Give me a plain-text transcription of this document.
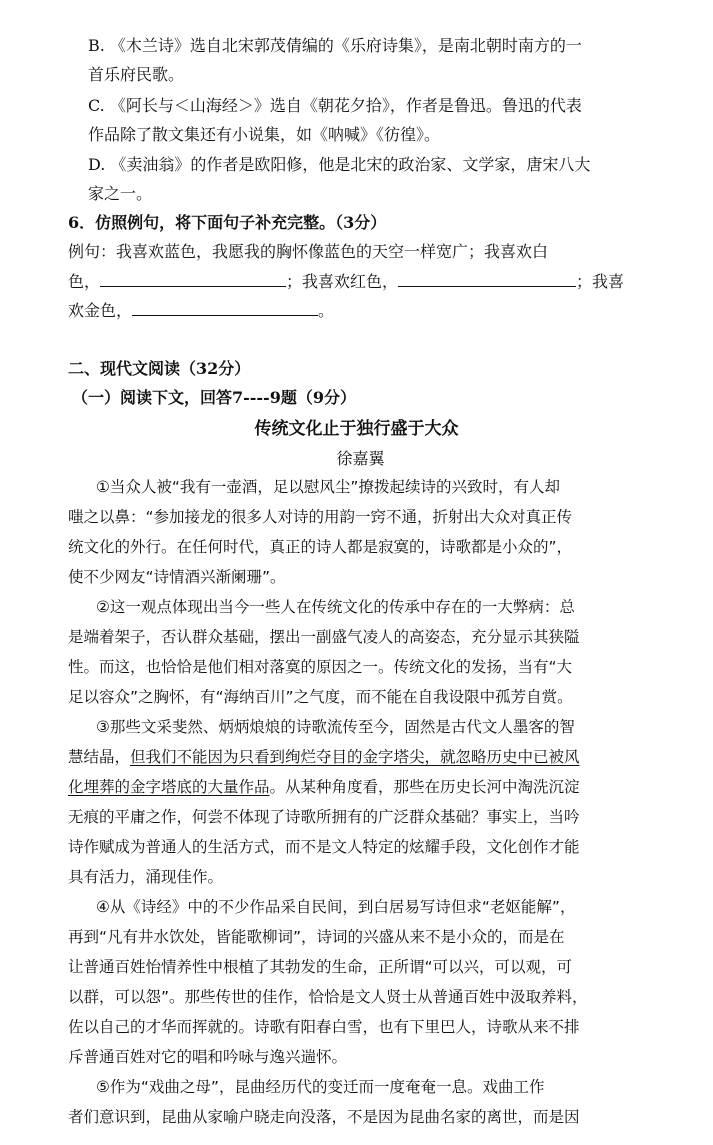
B. 《木兰诗》选自北宋郭茂倩编的《乐府诗集》，是南北朝时南方的一
首乐府民歌。
C. 《阿长与＜山海经＞》选自《朝花夕拾》，作者是鲁迅。鲁迅的代表
作品除了散文集还有小说集，如《呐喊》《彷徨》。
D. 《卖油翁》的作者是欧阳修，他是北宋的政治家、文学家，唐宋八大
家之一。
6．仿照例句，将下面句子补充完整。（3分）
例句：我喜欢蓝色，我愿我的胸怀像蓝色的天空一样宽广；我喜欢白
色，	；我喜欢红色，	；我喜
欢金色，	。
二、现代文阅读（32分）
（一）阅读下文，回答7----9题（9分）
传统文化止于独行盛于大众
徐嘉翼
①当众人被“我有一壶酒，足以慰风尘”撩拨起续诗的兴致时，有人却
嗤之以鼻：“参加接龙的很多人对诗的用韵一窍不通，折射出大众对真正传
统文化的外行。在任何时代，真正的诗人都是寂寞的，诗歌都是小众的”，
使不少网友“诗情酒兴渐阑珊”。
②这一观点体现出当今一些人在传统文化的传承中存在的一大弊病：总
是端着架子，否认群众基础，摆出一副盛气凌人的高姿态，充分显示其狭隘
性。而这，也恰恰是他们相对落寞的原因之一。传统文化的发扬，当有“大
足以容众”之胸怀，有“海纳百川”之气度，而不能在自我设限中孤芳自赏。
③那些文采斐然、炳炳烺烺的诗歌流传至今，固然是古代文人墨客的智
慧结晶，但我们不能因为只看到绚烂夺目的金字塔尖，就忽略历史中已被风
化埋葬的金字塔底的大量作品。从某种角度看，那些在历史长河中淘洗沉淀
无痕的平庸之作，何尝不体现了诗歌所拥有的广泛群众基础？事实上，当吟
诗作赋成为普通人的生活方式，而不是文人特定的炫耀手段，文化创作才能
具有活力，涌现佳作。
④从《诗经》中的不少作品采自民间，到白居易写诗但求“老妪能解”，
再到“凡有井水饮处，皆能歌柳词”，诗词的兴盛从来不是小众的，而是在
让普通百姓怡情养性中根植了其勃发的生命，正所谓“可以兴，可以观，可
以群，可以怨”。那些传世的佳作，恰恰是文人贤士从普通百姓中汲取养料，
佐以自己的才华而挥就的。诗歌有阳春白雪，也有下里巴人，诗歌从来不排
斥普通百姓对它的唱和吟咏与逸兴遄怀。
⑤作为“戏曲之母”，昆曲经历代的变迁而一度奄奄一息。戏曲工作
者们意识到，昆曲从家喻户晓走向没落，不是因为昆曲名家的离世，而是因
